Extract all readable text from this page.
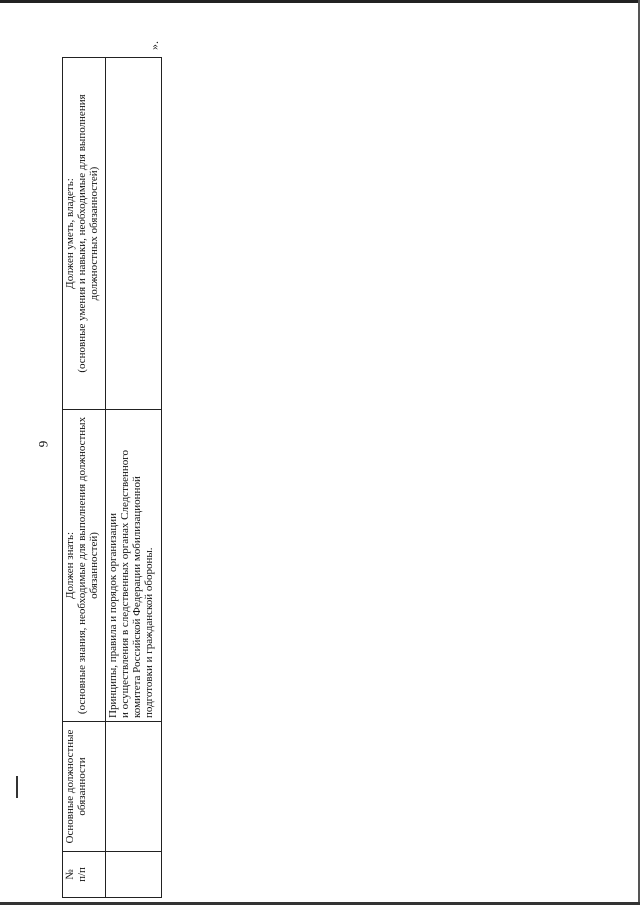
9
».
№
п/п	Основные должностные обязанности	Должен знать: (основные знания, необходимые для выполнения должностных обязанностей)	Должен уметь, владеть: (основные умения и навыки, необходимые для выполнения должностных обязанностей)

		Принципы, правила и порядок организации
и осуществления в следственных органах Следственного
комитета Российской Федерации мобилизационной
подготовки и гражданской обороны.	
